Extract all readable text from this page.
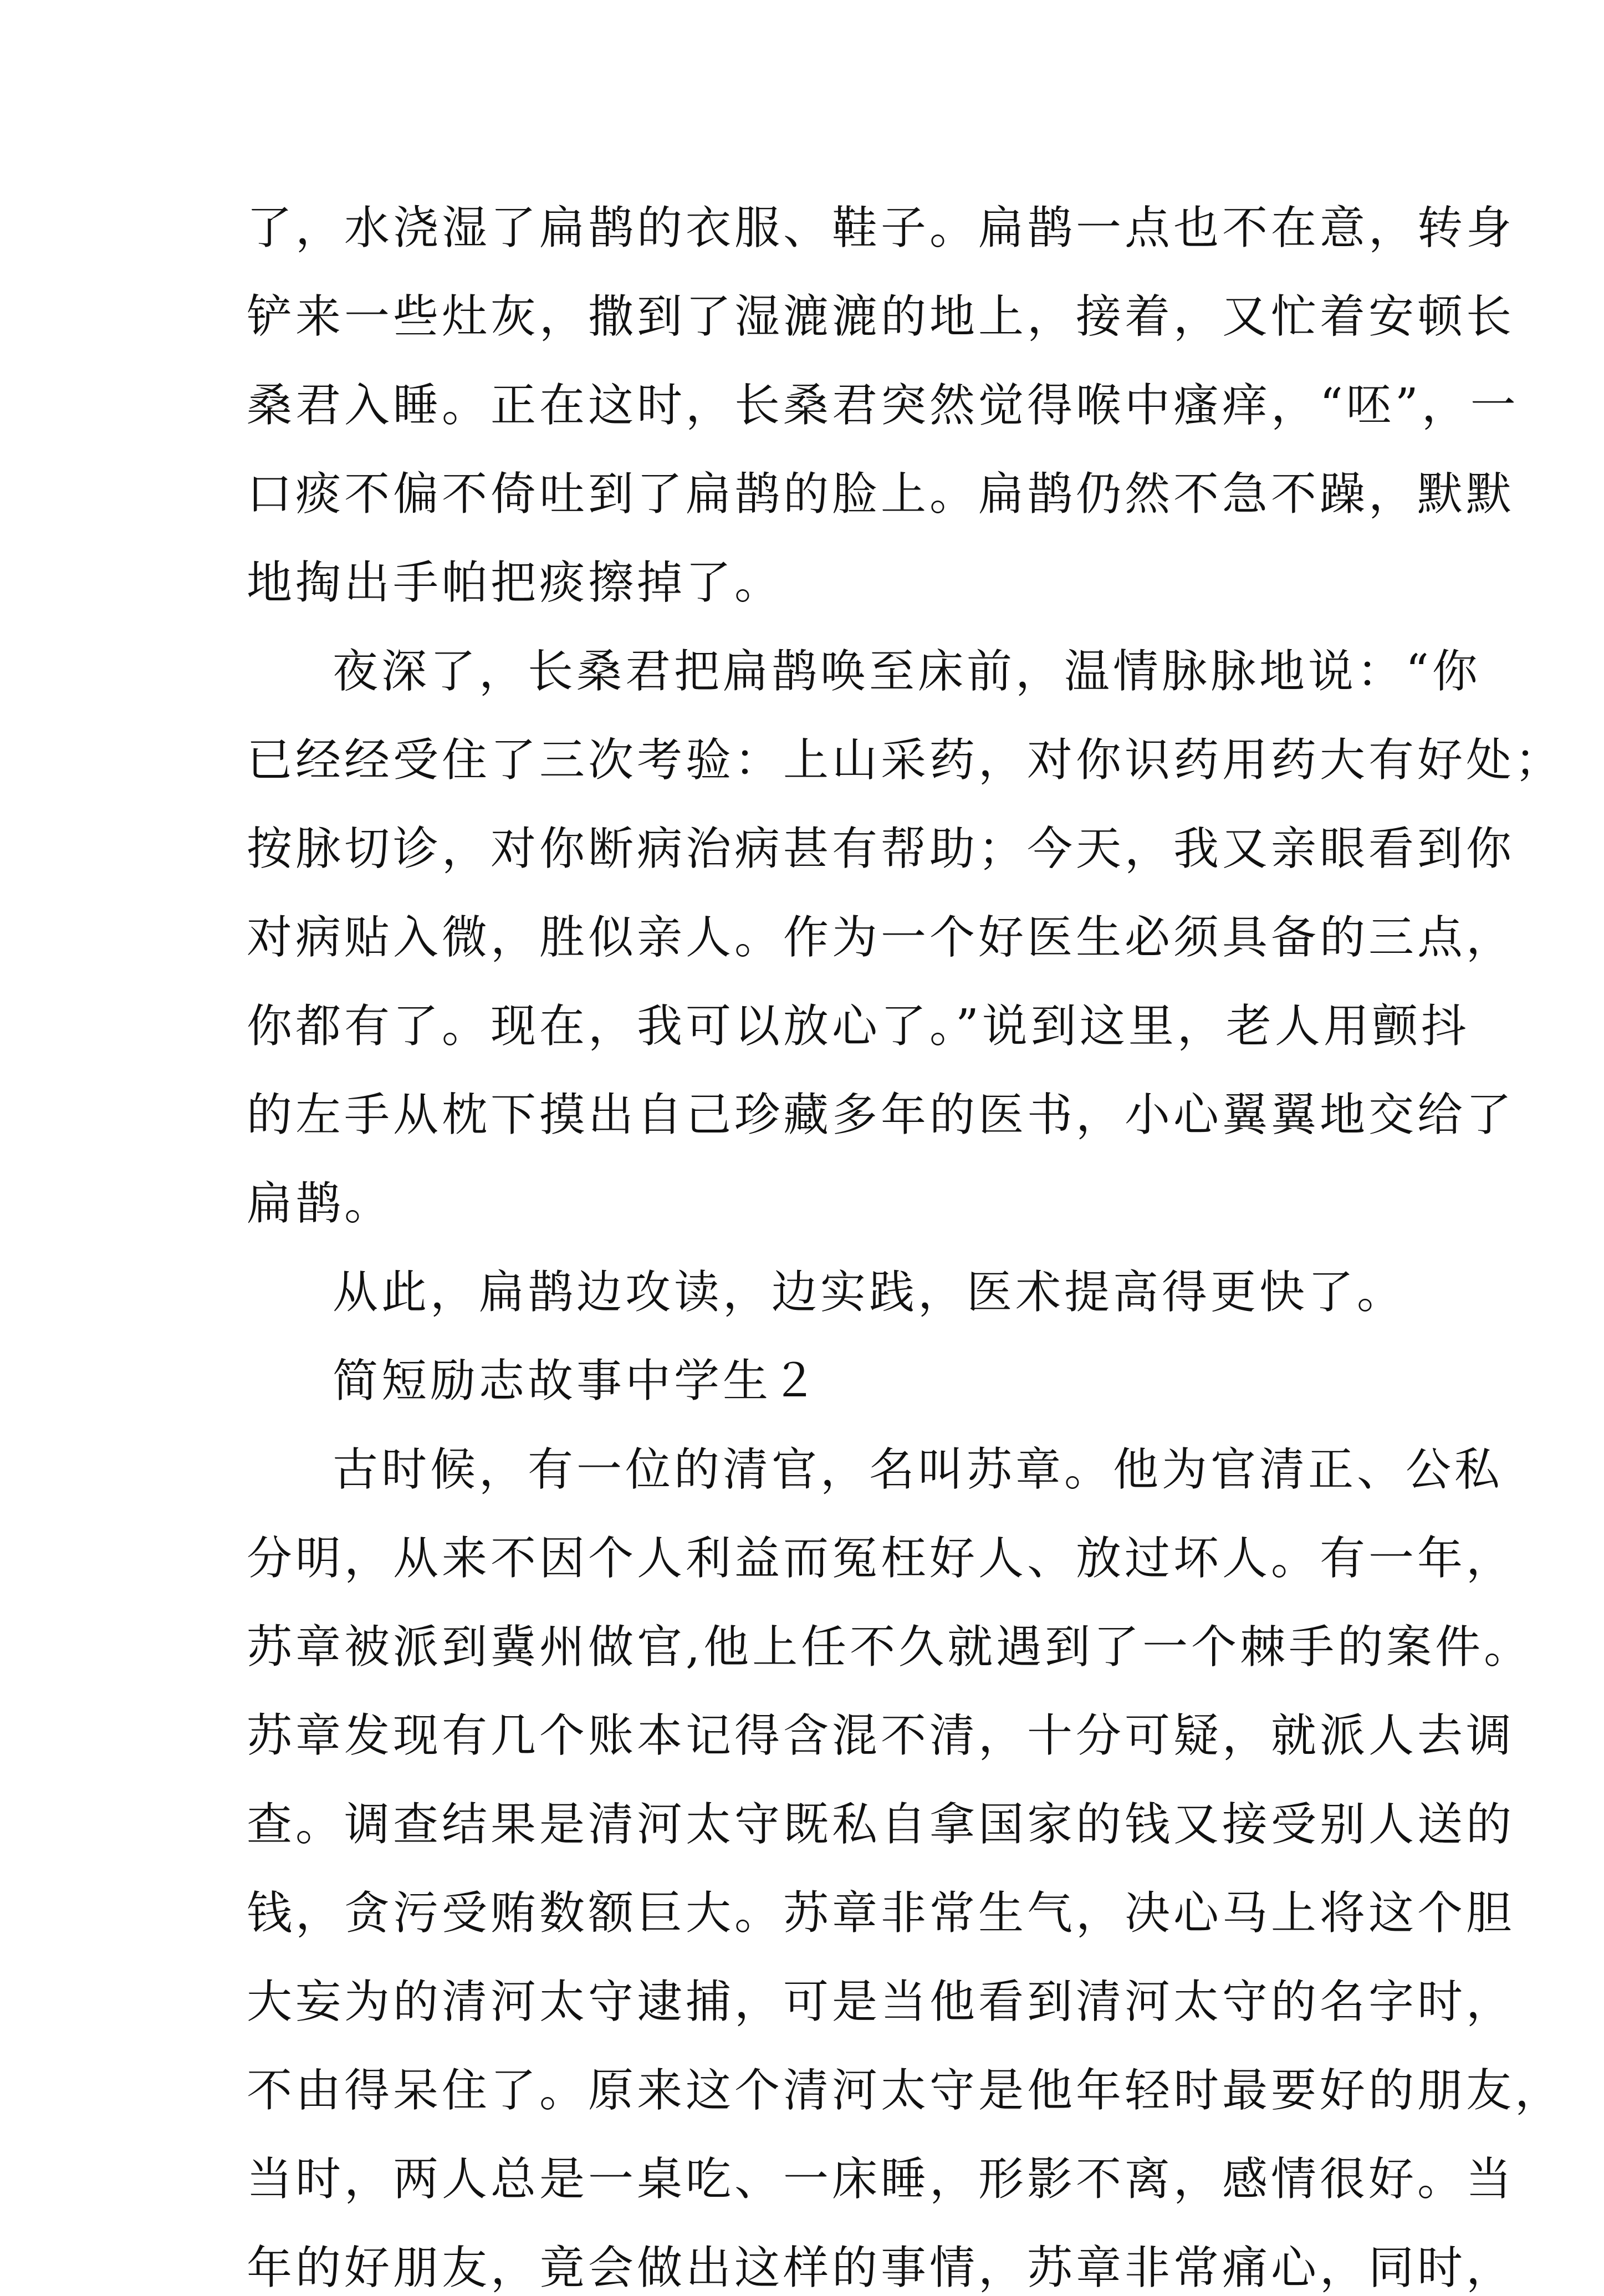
了，水浇湿了扁鹊的衣服、鞋子。扁鹊一点也不在意，转身

铲来一些灶灰，撒到了湿漉漉的地上，接着，又忙着安顿长

桑君入睡。正在这时，长桑君突然觉得喉中瘙痒，“呸”，一

口痰不偏不倚吐到了扁鹊的脸上。扁鹊仍然不急不躁，默默

地掏出手帕把痰擦掉了。

夜深了，长桑君把扁鹊唤至床前，温情脉脉地说：“你

已经经受住了三次考验：上山采药，对你识药用药大有好处；

按脉切诊，对你断病治病甚有帮助；今天，我又亲眼看到你

对病贴入微，胜似亲人。作为一个好医生必须具备的三点，

你都有了。现在，我可以放心了。”说到这里，老人用颤抖

的左手从枕下摸出自己珍藏多年的医书，小心翼翼地交给了

扁鹊。

从此，扁鹊边攻读，边实践，医术提高得更快了。

简短励志故事中学生２

古时候，有一位的清官，名叫苏章。他为官清正、公私

分明，从来不因个人利益而冤枉好人、放过坏人。有一年，

苏章被派到冀州做官,他上任不久就遇到了一个棘手的案件。

苏章发现有几个账本记得含混不清，十分可疑，就派人去调

查。调查结果是清河太守既私自拿国家的钱又接受别人送的

钱，贪污受贿数额巨大。苏章非常生气，决心马上将这个胆

大妄为的清河太守逮捕，可是当他看到清河太守的名字时，

不由得呆住了。原来这个清河太守是他年轻时最要好的朋友，

当时，两人总是一桌吃、一床睡，形影不离，感情很好。当

年的好朋友，竟会做出这样的事情，苏章非常痛心，同时，
